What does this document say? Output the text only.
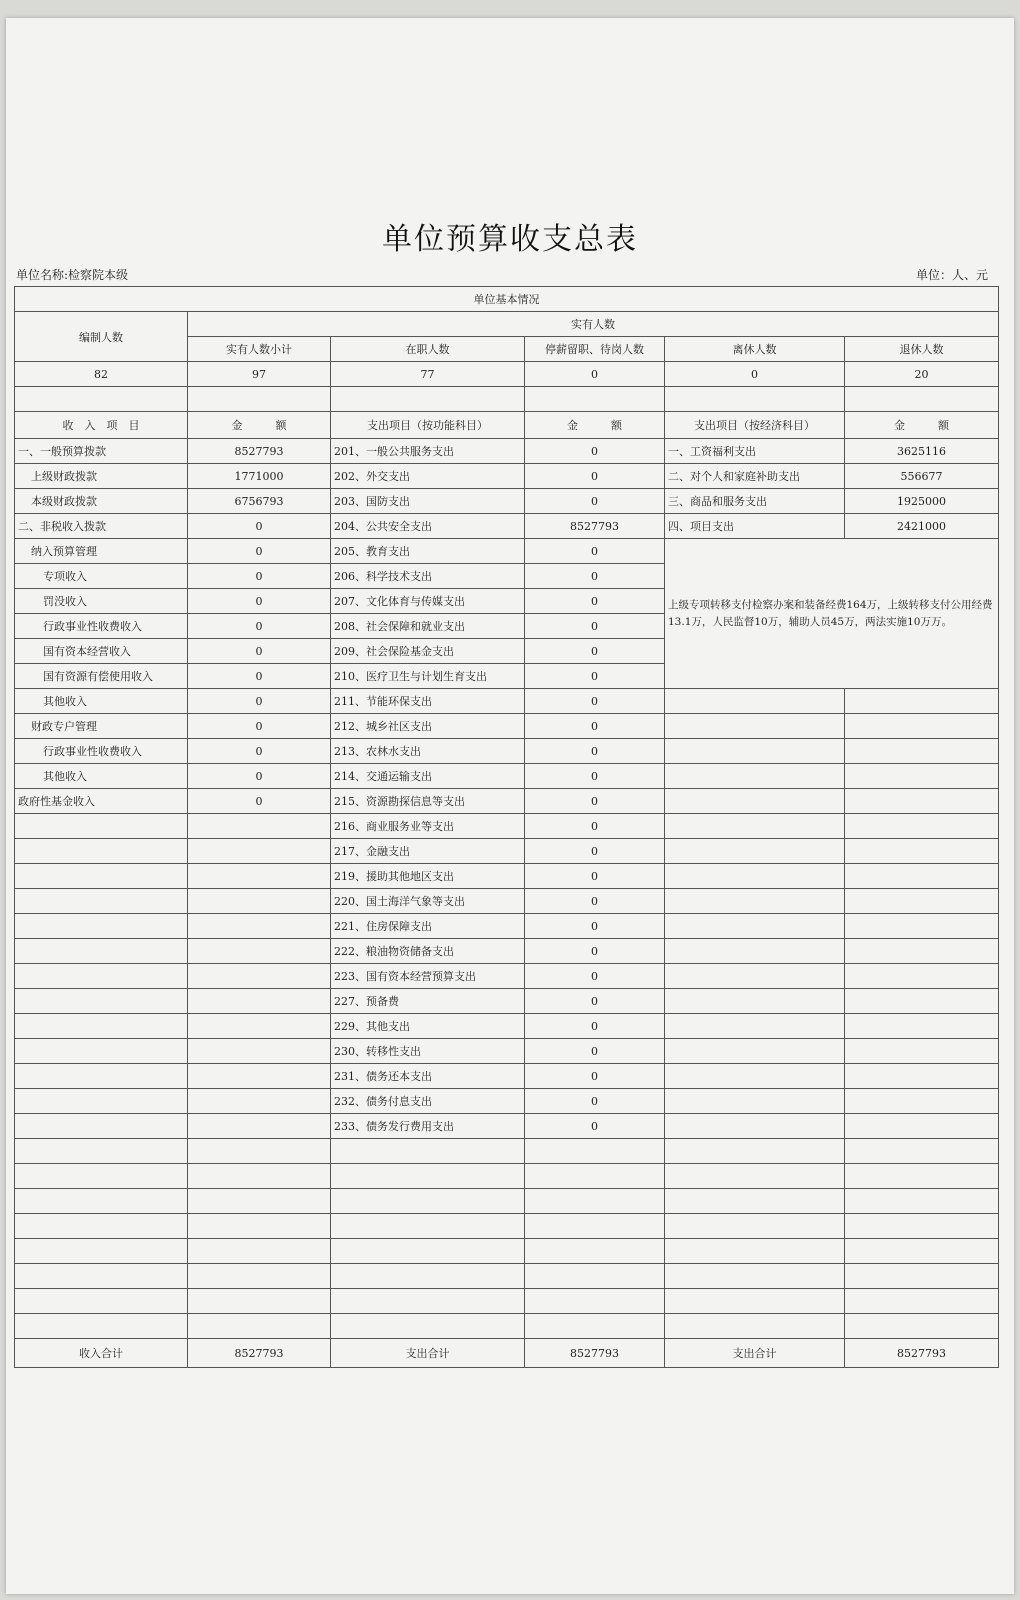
单位预算收支总表
单位名称:检察院本级	单位：人、元
单位基本情况					
编制人数	实有人数				
	实有人数小计	在职人数	停薪留职、待岗人数	离休人数	退休人数
82	97	77	0	0	20

收　入　项　目	金　　　额	支出项目（按功能科目）	金　　　额	支出项目（按经济科目）	金　　　额
一、一般预算拨款	8527793	201、一般公共服务支出	0	一、工资福利支出	3625116
上级财政拨款	1771000	202、外交支出	0	二、对个人和家庭补助支出	556677
本级财政拨款	6756793	203、国防支出	0	三、商品和服务支出	1925000
二、非税收入拨款	0	204、公共安全支出	8527793	四、项目支出	2421000
纳入预算管理	0	205、教育支出	0	上级专项转移支付检察办案和装备经费164万，上级转移支付公用经费13.1万，人民监督10万，辅助人员45万，两法实施10万万。	
专项收入	0	206、科学技术支出	0		
罚没收入	0	207、文化体育与传媒支出	0		
行政事业性收费收入	0	208、社会保障和就业支出	0		
国有资本经营收入	0	209、社会保险基金支出	0		
国有资源有偿使用收入	0	210、医疗卫生与计划生育支出	0		
其他收入	0	211、节能环保支出	0		
财政专户管理	0	212、城乡社区支出	0		
行政事业性收费收入	0	213、农林水支出	0		
其他收入	0	214、交通运输支出	0		
政府性基金收入	0	215、资源勘探信息等支出	0		
		216、商业服务业等支出	0		
		217、金融支出	0		
		219、援助其他地区支出	0		
		220、国土海洋气象等支出	0		
		221、住房保障支出	0		
		222、粮油物资储备支出	0		
		223、国有资本经营预算支出	0		
		227、预备费	0		
		229、其他支出	0		
		230、转移性支出	0		
		231、债务还本支出	0		
		232、债务付息支出	0		
		233、债务发行费用支出	0		

收入合计	8527793	支出合计	8527793	支出合计	8527793
